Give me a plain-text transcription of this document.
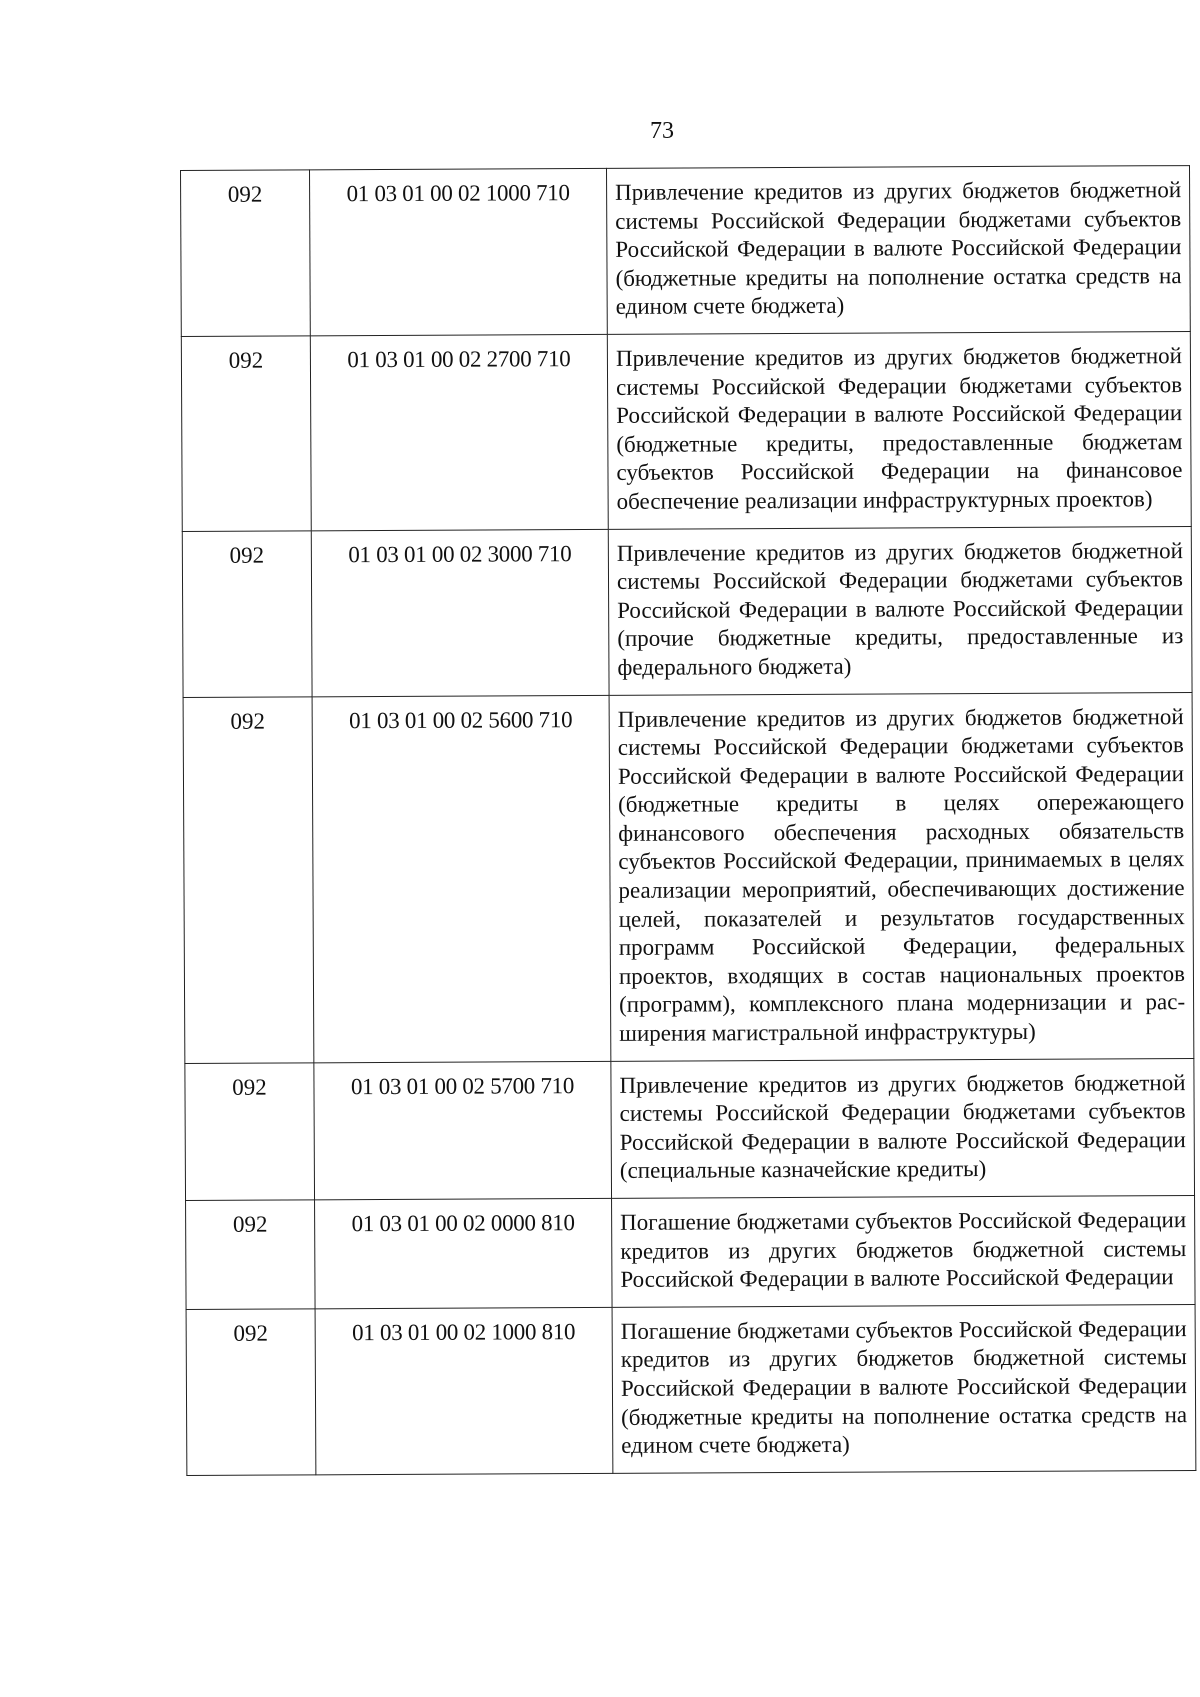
73
092	01 03 01 00 02 1000 710	Привлечение кредитов из других бюджетов бюджетной системы Российской Федерации бюджетами субъектов Российской Федерации в валюте Российской Федерации (бюджетные кредиты на пополнение остатка средств на едином счете бюджета)
092	01 03 01 00 02 2700 710	Привлечение кредитов из других бюджетов бюджетной системы Российской Федерации бюджетами субъектов Российской Федерации в валюте Российской Федерации (бюджетные кредиты, предоставленные бюджетам субъектов Российской Федерации на финансовое обеспечение реализации инфраструктурных проектов)
092	01 03 01 00 02 3000 710	Привлечение кредитов из других бюджетов бюджетной системы Российской Федерации бюджетами субъектов Российской Федерации в валюте Российской Федерации (прочие бюджетные кредиты, предоставленные из федерального бюджета)
092	01 03 01 00 02 5600 710	Привлечение кредитов из других бюджетов бюджетной системы Российской Федерации бюджетами субъектов Российской Федерации в валюте Российской Федерации (бюджетные кредиты в целях опережающего финансового обеспечения расходных обязательств субъектов Российской Федерации, принимаемых в целях реализации мероприятий, обеспечивающих достижение целей, показателей и результатов государственных программ Российской Федерации, федеральных проектов, входящих в состав национальных проектов (программ), комплексного плана модернизации и расширения магистральной инфраструктуры)
092	01 03 01 00 02 5700 710	Привлечение кредитов из других бюджетов бюджетной системы Российской Федерации бюджетами субъектов Российской Федерации в валюте Российской Федерации (специальные казначейские кредиты)
092	01 03 01 00 02 0000 810	Погашение бюджетами субъектов Российской Федерации кредитов из других бюджетов бюджетной системы Российской Федерации в валюте Российской Федерации
092	01 03 01 00 02 1000 810	Погашение бюджетами субъектов Российской Федерации кредитов из других бюджетов бюджетной системы Российской Федерации в валюте Российской Федерации (бюджетные кредиты на пополнение остатка средств на едином счете бюджета)
